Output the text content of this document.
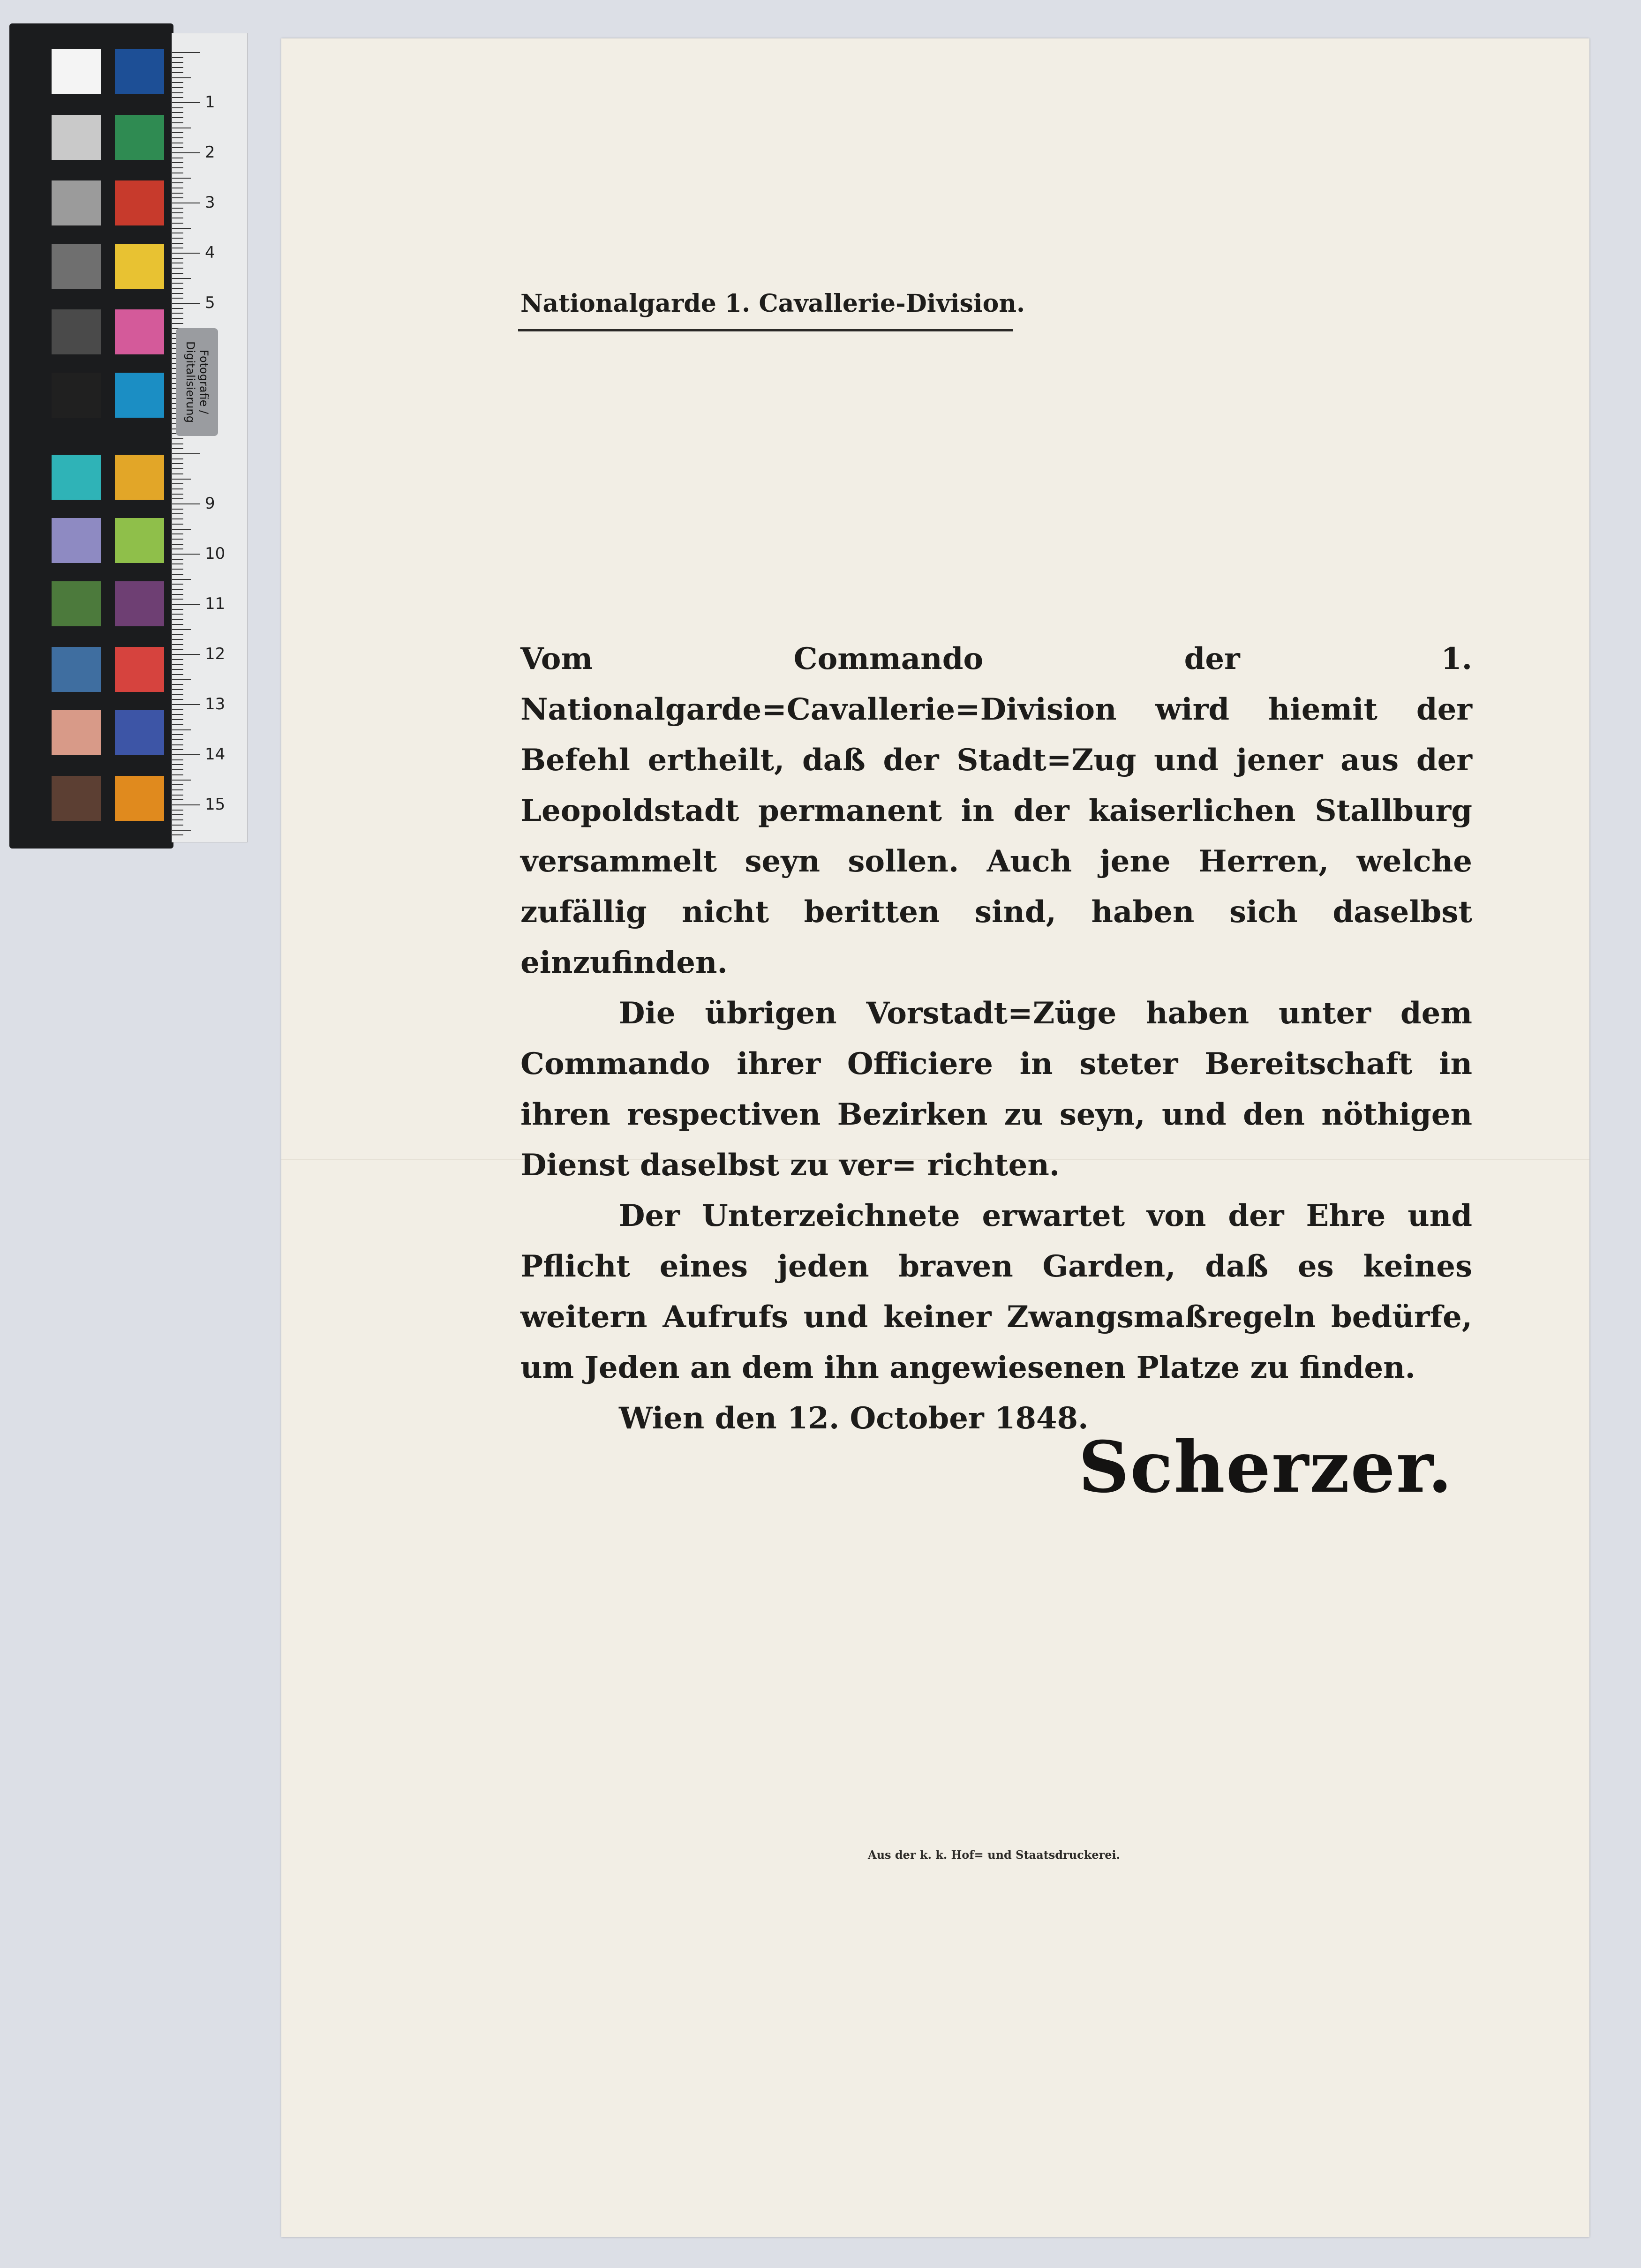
1
2
3
4
5
9
10
11
12
13
14
15
Fotografie / Digitalisierung
Nationalgarde 1. Cavallerie-Division.

Vom Commando der 1. Nationalgarde=Cavallerie=Division wird hiemit der Befehl ertheilt, daß der Stadt=Zug und jener aus der Leopoldstadt permanent in der kaiserlichen Stallburg versammelt seyn sollen. Auch jene Herren, welche zufällig nicht beritten sind, haben sich daselbst einzufinden.

Die übrigen Vorstadt=Züge haben unter dem Commando ihrer Officiere in steter Bereitschaft in ihren respectiven Bezirken zu seyn, und den nöthigen Dienst daselbst zu ver= richten.

Der Unterzeichnete erwartet von der Ehre und Pflicht eines jeden braven Garden, daß es keines weitern Aufrufs und keiner Zwangsmaßregeln bedürfe, um Jeden an dem ihn angewiesenen Platze zu finden.

Wien den 12. October 1848.

Scherzer.
Aus der k. k. Hof= und Staatsdruckerei.
